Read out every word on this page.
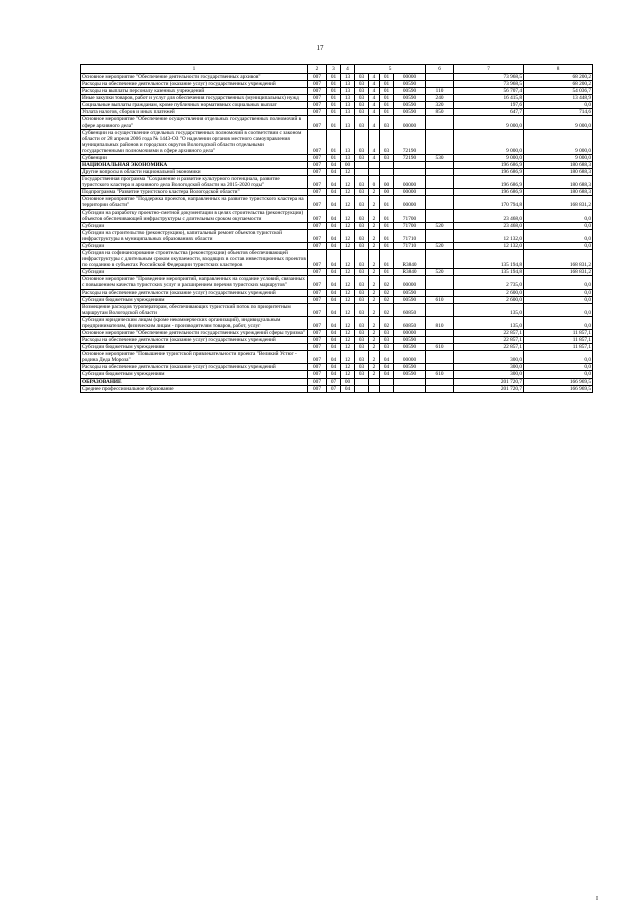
17
1	2	3	4	5				6	7	8
Основное мероприятие "Обеспечение деятельности государственных архивов"	007	01	13	03	4	01	00000		73 968,5	68 200,2
Расходы на обеспечение деятельности (оказание услуг) государственных учреждений	007	01	13	03	4	01	00590		73 968,5	68 200,2
Расходы на выплаты персоналу казенных учреждений	007	01	13	03	4	01	00590	110	56 707,4	54 036,7
Иные закупки товаров, работ и услуг для обеспечения государственных (муниципальных) нужд	007	01	13	03	4	01	00590	240	16 415,8	13 448,9
Социальные выплаты гражданам, кроме публичных нормативных социальных выплат	007	01	13	03	4	01	00590	320	197,6	0,0
Уплата налогов, сборов и иных платежей	007	01	13	03	4	01	00590	850	647,7	714,6
Основное мероприятие "Обеспечение осуществления отдельных государственных полномочий в сфере архивного дела"	007	01	13	03	4	03	00000		9 000,0	9 000,0
Субвенции на осуществление отдельных государственных полномочий в соответствии с законом области от 28 апреля 2006 года № 1443-ОЗ "О наделении органов местного самоуправления муниципальных районов и городских округов Вологодской области отдельными государственными полномочиями в сфере архивного дела"	007	01	13	03	4	03	72190		9 000,0	9 000,0
Субвенции	007	01	13	03	4	03	72190	530	9 000,0	9 000,0
НАЦИОНАЛЬНАЯ ЭКОНОМИКА	007	04	00						196 686,9	180 688,3
Другие вопросы в области национальной экономики	007	04	12						196 686,9	180 688,3
Государственная программа "Сохранение и развитие культурного потенциала, развитие туристского кластера и архивного дела Вологодской области на 2015-2020 годы"	007	04	12	03	0	00	00000		196 686,9	180 688,3
Подпрограмма "Развитие туристского кластера Вологодской области"	007	04	12	03	2	00	00000		196 686,9	180 688,3
Основное мероприятие "Поддержка проектов, направленных на развитие туристского кластера на территории области"	007	04	12	03	2	01	00000		170 794,8	168 831,2
Субсидии на разработку проектно-сметной документации в целях строительства (реконструкции) объектов обеспечивающей инфраструктуры с длительным сроком окупаемости	007	04	12	03	2	01	71700		23 468,0	0,0
Субсидии	007	04	12	03	2	01	71700	520	23 468,0	0,0
Субсидии на строительство (реконструкцию), капитальный ремонт объектов туристской инфраструктуры в муниципальных образованиях области	007	04	12	03	2	01	71710		12 132,0	0,0
Субсидии	007	04	12	03	2	01	71710	520	12 132,0	0,0
Субсидия на софинансирование строительства (реконструкции) объектов обеспечивающей инфраструктуры с длительным сроком окупаемости, входящих в состав инвестиционных проектов по созданию в субъектах Российской Федерации туристских кластеров	007	04	12	03	2	01	R3840		135 194,8	168 831,2
Субсидии	007	04	12	03	2	01	R3840	520	135 194,8	168 831,2
Основное мероприятие "Проведение мероприятий, направленных на создание условий, связанных с повышением качества туристских услуг и расширением перечня туристских маршрутов"	007	04	12	03	2	02	00000		2 735,0	0,0
Расходы на обеспечение деятельности (оказание услуг) государственных учреждений	007	04	12	03	2	02	00590		2 600,0	0,0
Субсидии бюджетным учреждениям	007	04	12	03	2	02	00590	610	2 600,0	0,0
Возмещение расходов туроператорам, обеспечивающих туристский поток по приоритетным маршрутам Вологодской области	007	04	12	03	2	02	60850		135,0	0,0
Субсидии юридическим лицам (кроме некоммерческих организаций), индивидуальным предпринимателям, физическим лицам - производителям товаров, работ, услуг	007	04	12	03	2	02	60850	810	135,0	0,0
Основное мероприятие "Обеспечение деятельности государственных учреждений сферы туризма"	007	04	12	03	2	03	00000		22 857,1	11 857,1
Расходы на обеспечение деятельности (оказание услуг) государственных учреждений	007	04	12	03	2	03	00590		22 857,1	11 857,1
Субсидии бюджетным учреждениям	007	04	12	03	2	03	00590	610	22 857,1	11 857,1
Основное мероприятие "Повышение туристской привлекательности проекта "Великий Устюг - родина Деда Мороза"	007	04	12	03	2	04	00000		300,0	0,0
Расходы на обеспечение деятельности (оказание услуг) государственных учреждений	007	04	12	03	2	04	00590		300,0	0,0
Субсидии бюджетным учреждениям	007	04	12	03	2	04	00590	610	300,0	0,0
ОБРАЗОВАНИЕ	007	07	00						201 720,7	166 969,5
Среднее профессиональное образование	007	07	04						201 720,7	166 969,5
I
